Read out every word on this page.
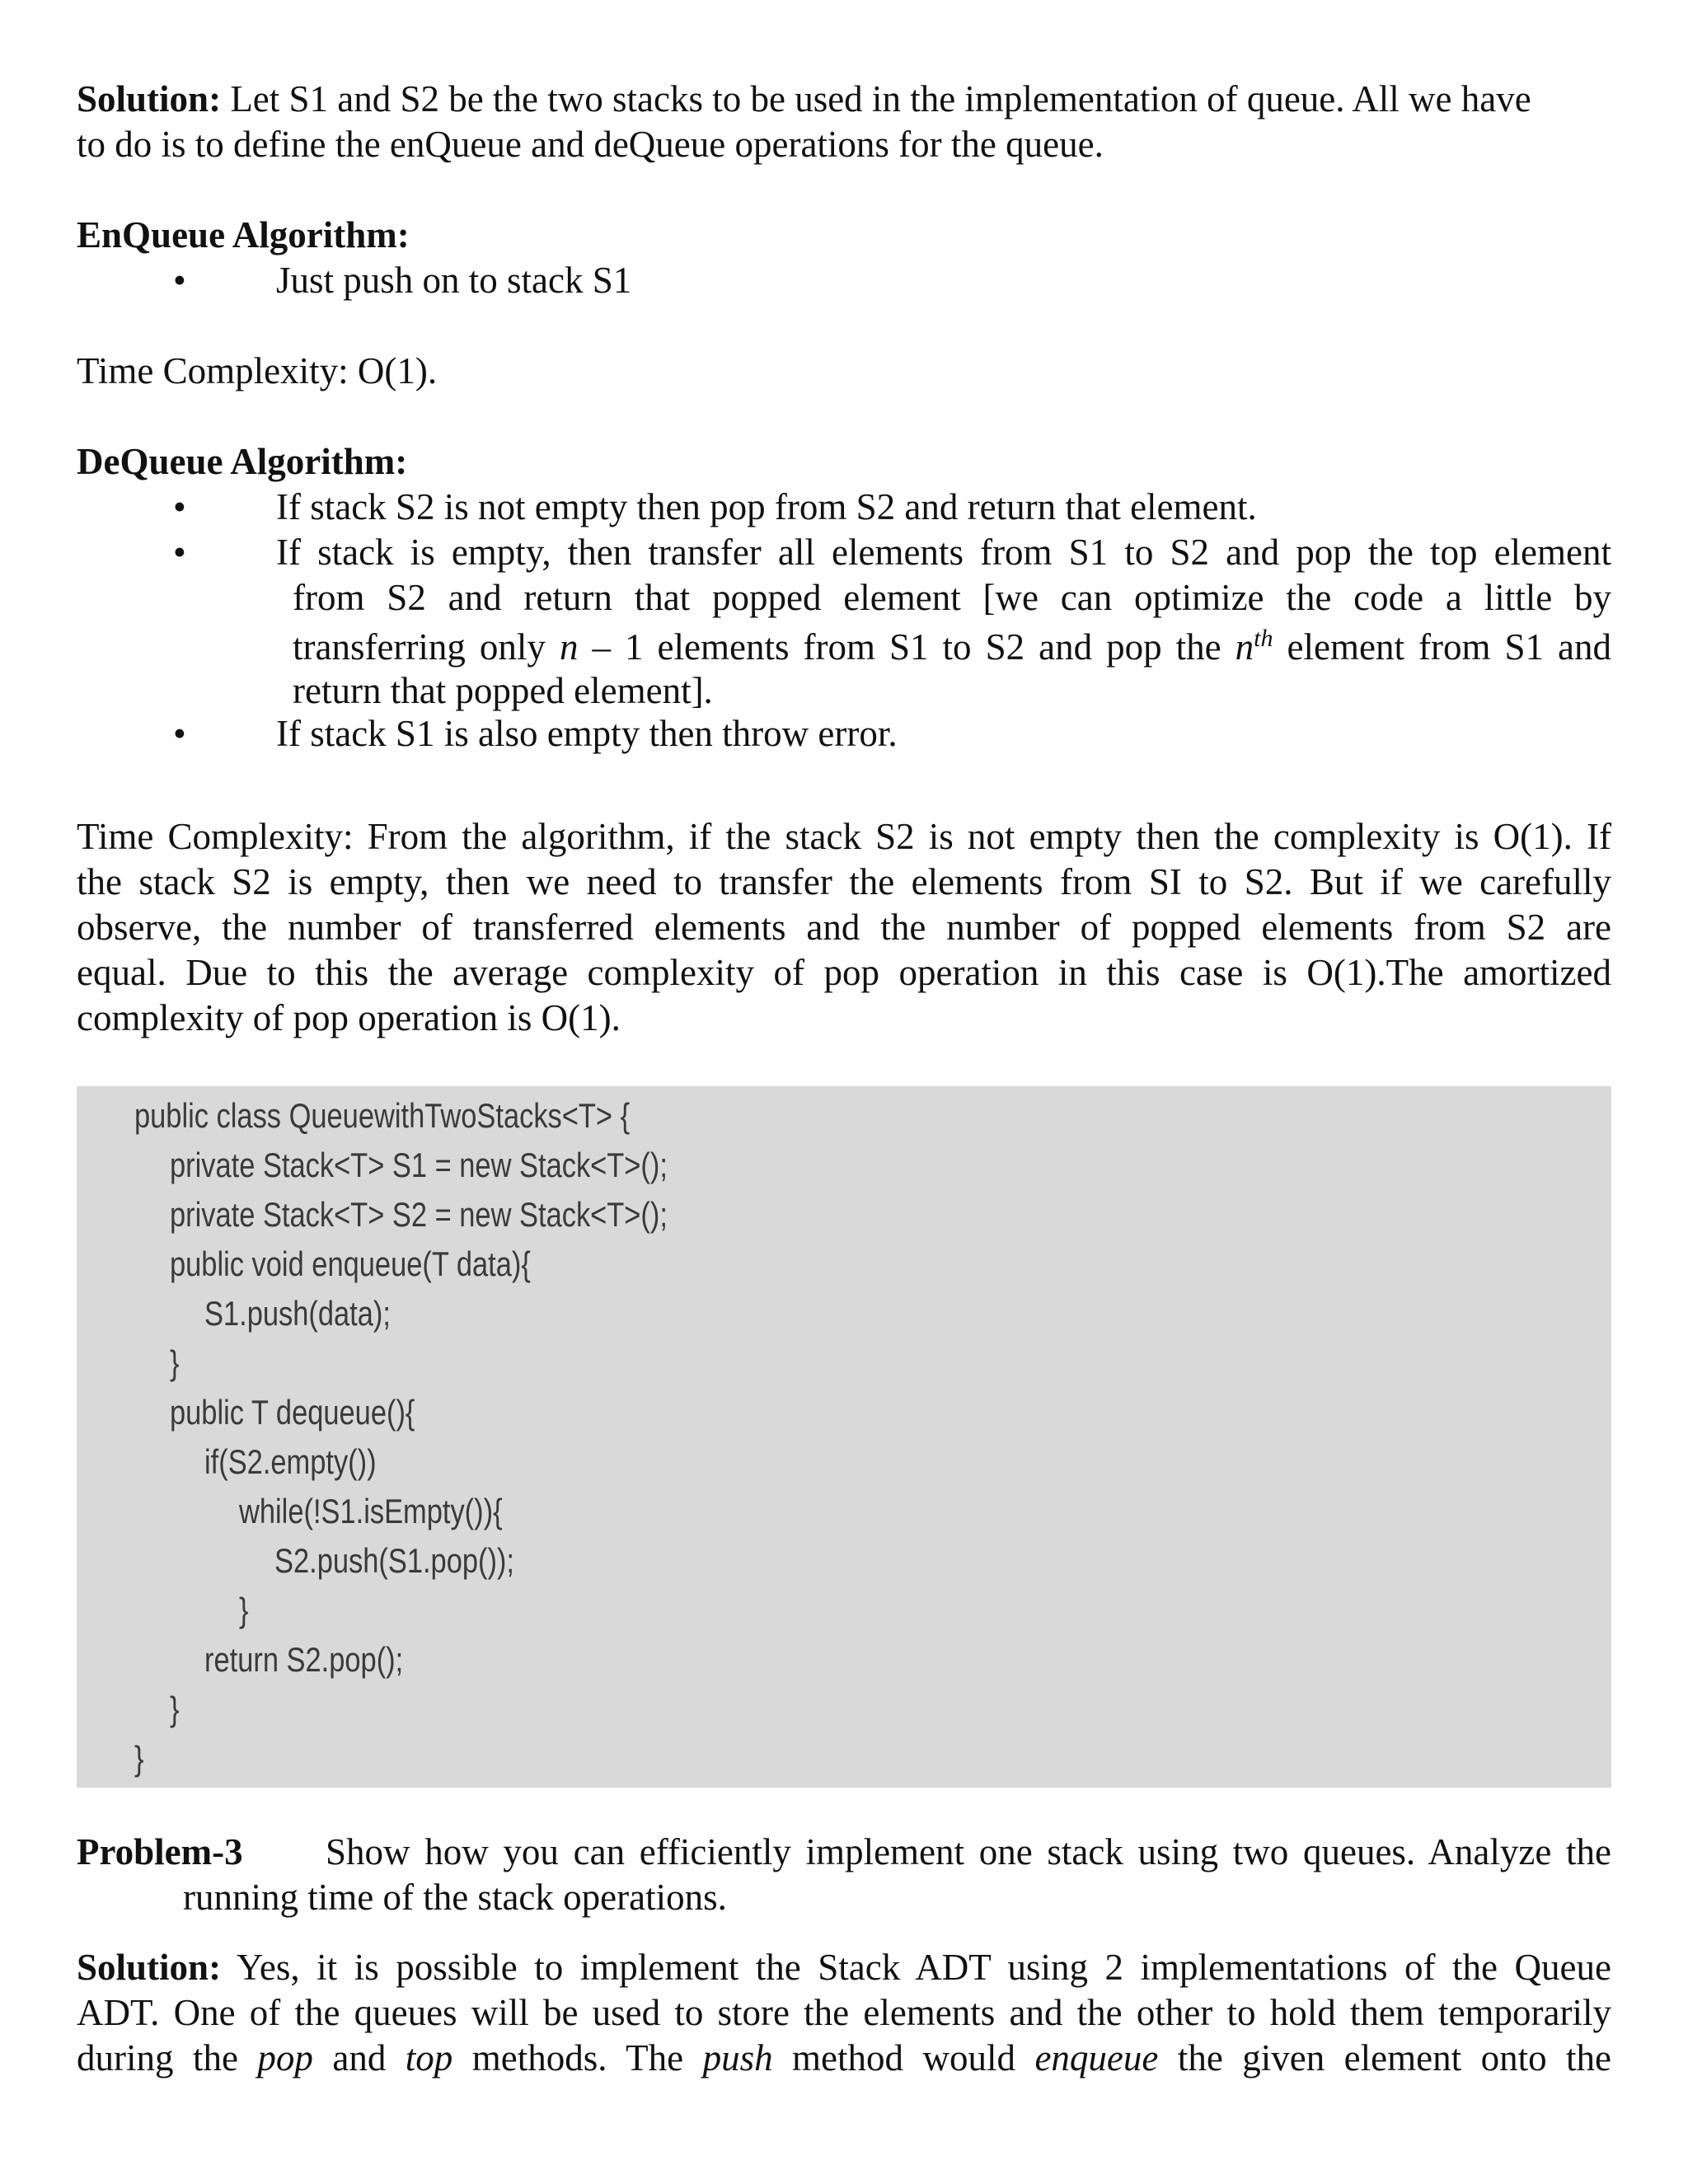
Solution: Let S1 and S2 be the two stacks to be used in the implementation of queue. All we have

to do is to define the enQueue and deQueue operations for the queue.

EnQueue Algorithm:

•	Just push on to stack S1

Time Complexity: O(1).

DeQueue Algorithm:

•	If stack S2 is not empty then pop from S2 and return that element.
•	If stack is empty, then transfer all elements from S1 to S2 and pop the top element
from S2 and return that popped element [we can optimize the code a little by
transferring only n – 1 elements from S1 to S2 and pop the $n^{th}$ element from S1 and
return that popped element].
•	If stack S1 is also empty then throw error.

Time Complexity: From the algorithm, if the stack S2 is not empty then the complexity is O(1). If

the stack S2 is empty, then we need to transfer the elements from SI to S2. But if we carefully

observe, the number of transferred elements and the number of popped elements from S2 are

equal. Due to this the average complexity of pop operation in this case is O(1).The amortized

complexity of pop operation is O(1).

public class QueuewithTwoStacks<T> {

private Stack<T> S1 = new Stack<T>();

private Stack<T> S2 = new Stack<T>();

public void enqueue(T data){

S1.push(data);

}

public T dequeue(){

if(S2.empty())

while(!S1.isEmpty()){

S2.push(S1.pop());

}

return S2.pop();

}

}

Problem-3 Show how you can efficiently implement one stack using two queues. Analyze the

running time of the stack operations.

Solution: Yes, it is possible to implement the Stack ADT using 2 implementations of the Queue

ADT. One of the queues will be used to store the elements and the other to hold them temporarily

during the pop and top methods. The push method would enqueue the given element onto the
